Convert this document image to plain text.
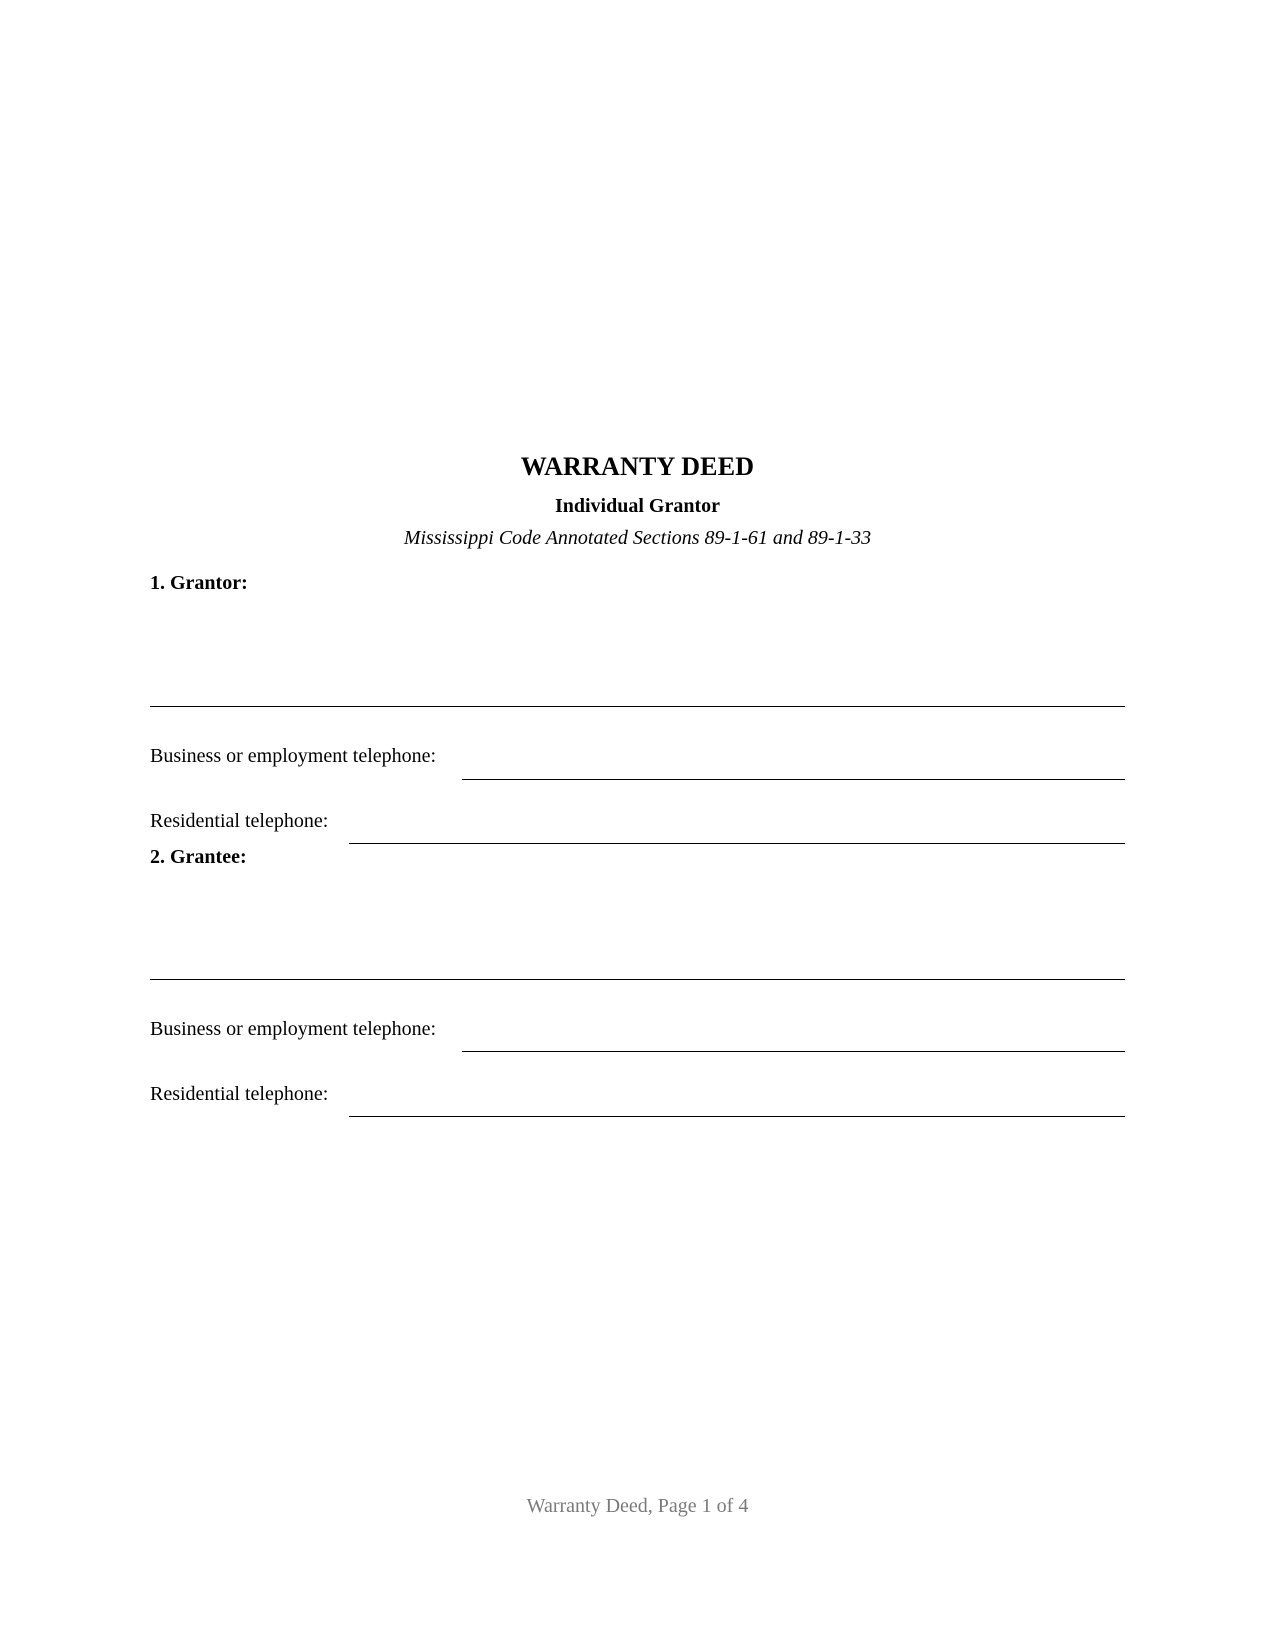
WARRANTY DEED
Individual Grantor
Mississippi Code Annotated Sections 89-1-61 and 89-1-33
1. Grantor:
Business or employment telephone:
Residential telephone:
2. Grantee:
Business or employment telephone:
Residential telephone:
Warranty Deed, Page 1 of 4
